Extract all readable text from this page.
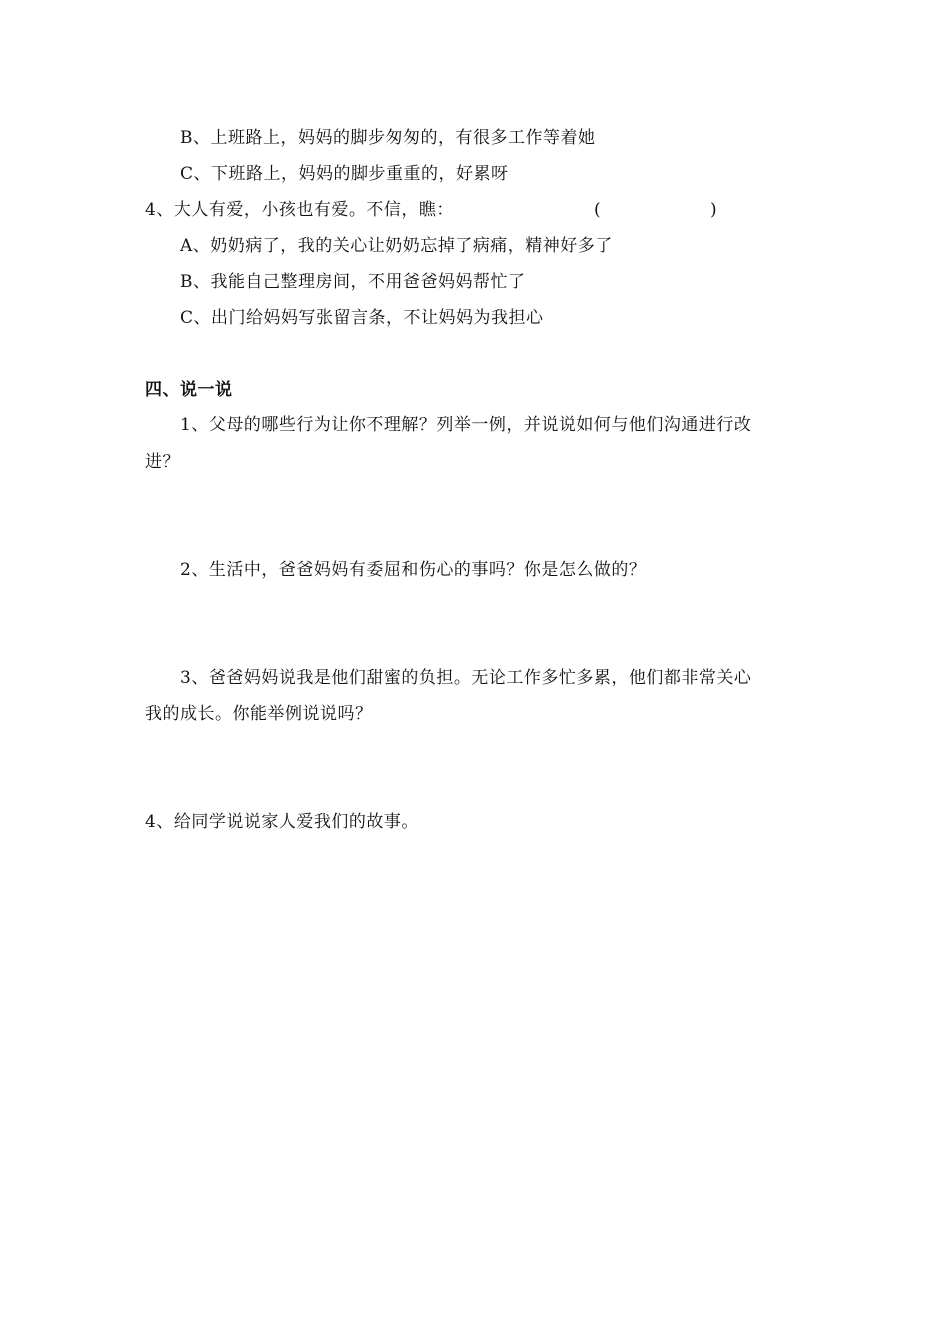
B、上班路上，妈妈的脚步匆匆的，有很多工作等着她
C、下班路上，妈妈的脚步重重的，好累呀
4、大人有爱，小孩也有爱。不信，瞧：	(	)
A、奶奶病了，我的关心让奶奶忘掉了病痛，精神好多了
B、我能自己整理房间，不用爸爸妈妈帮忙了
C、出门给妈妈写张留言条，不让妈妈为我担心
四、说一说
1、父母的哪些行为让你不理解？列举一例，并说说如何与他们沟通进行改
进？
2、生活中，爸爸妈妈有委屈和伤心的事吗？你是怎么做的？
3、爸爸妈妈说我是他们甜蜜的负担。无论工作多忙多累，他们都非常关心
我的成长。你能举例说说吗？
4、给同学说说家人爱我们的故事。
